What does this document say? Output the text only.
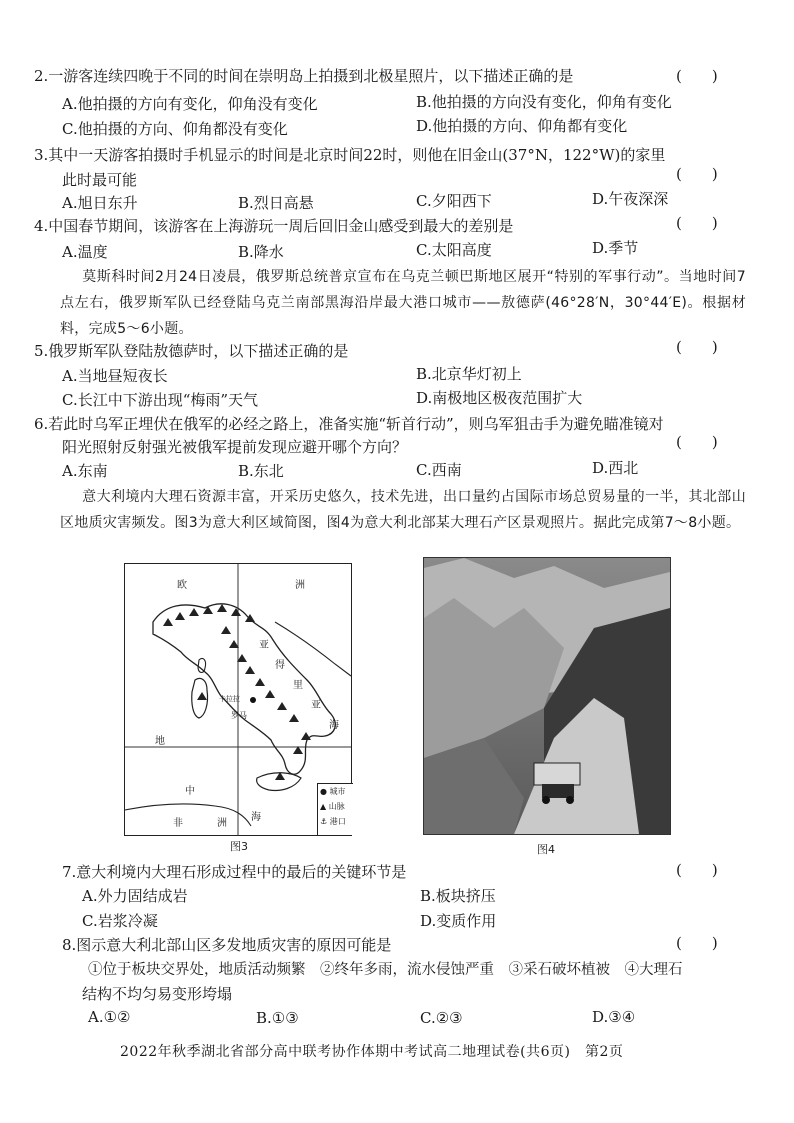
2.一游客连续四晚于不同的时间在崇明岛上拍摄到北极星照片，以下描述正确的是	(　　)
A.他拍摄的方向有变化，仰角没有变化	B.他拍摄的方向没有变化，仰角有变化
C.他拍摄的方向、仰角都没有变化	D.他拍摄的方向、仰角都有变化
3.其中一天游客拍摄时手机显示的时间是北京时间22时，则他在旧金山(37°N，122°W)的家里
此时最可能	(　　)
A.旭日东升	B.烈日高悬	C.夕阳西下	D.午夜深深
4.中国春节期间，该游客在上海游玩一周后回旧金山感受到最大的差别是	(　　)
A.温度	B.降水	C.太阳高度	D.季节
莫斯科时间2月24日凌晨，俄罗斯总统普京宣布在乌克兰顿巴斯地区展开“特别的军事行动”。当地时间7点左右，俄罗斯军队已经登陆乌克兰南部黑海沿岸最大港口城市——敖德萨(46°28′N，30°44′E)。根据材料，完成5～6小题。
5.俄罗斯军队登陆敖德萨时，以下描述正确的是	(　　)
A.当地昼短夜长	B.北京华灯初上
C.长江中下游出现“梅雨”天气	D.南极地区极夜范围扩大
6.若此时乌军正埋伏在俄军的必经之路上，准备实施“斩首行动”，则乌军狙击手为避免瞄准镜对
阳光照射反射强光被俄军提前发现应避开哪个方向？	(　　)
A.东南	B.东北	C.西南	D.西北
意大利境内大理石资源丰富，开采历史悠久，技术先进，出口量约占国际市场总贸易量的一半，其北部山区地质灾害频发。图3为意大利区域简图，图4为意大利北部某大理石产区景观照片。据此完成第7～8小题。
欧	洲
亚
得
里
亚
海
地
中
海
非	洲
罗马
卡拉拉
● 城市
▲ 山脉
⚓ 港口
图3	图4
7.意大利境内大理石形成过程中的最后的关键环节是	(　　)
A.外力固结成岩	B.板块挤压
C.岩浆冷凝	D.变质作用
8.图示意大利北部山区多发地质灾害的原因可能是	(　　)
①位于板块交界处，地质活动频繁　②终年多雨，流水侵蚀严重　③采石破坏植被　④大理石
结构不均匀易变形垮塌
A.①②	B.①③	C.②③	D.③④
2022年秋季湖北省部分高中联考协作体期中考试高二地理试卷(共6页)　第2页
